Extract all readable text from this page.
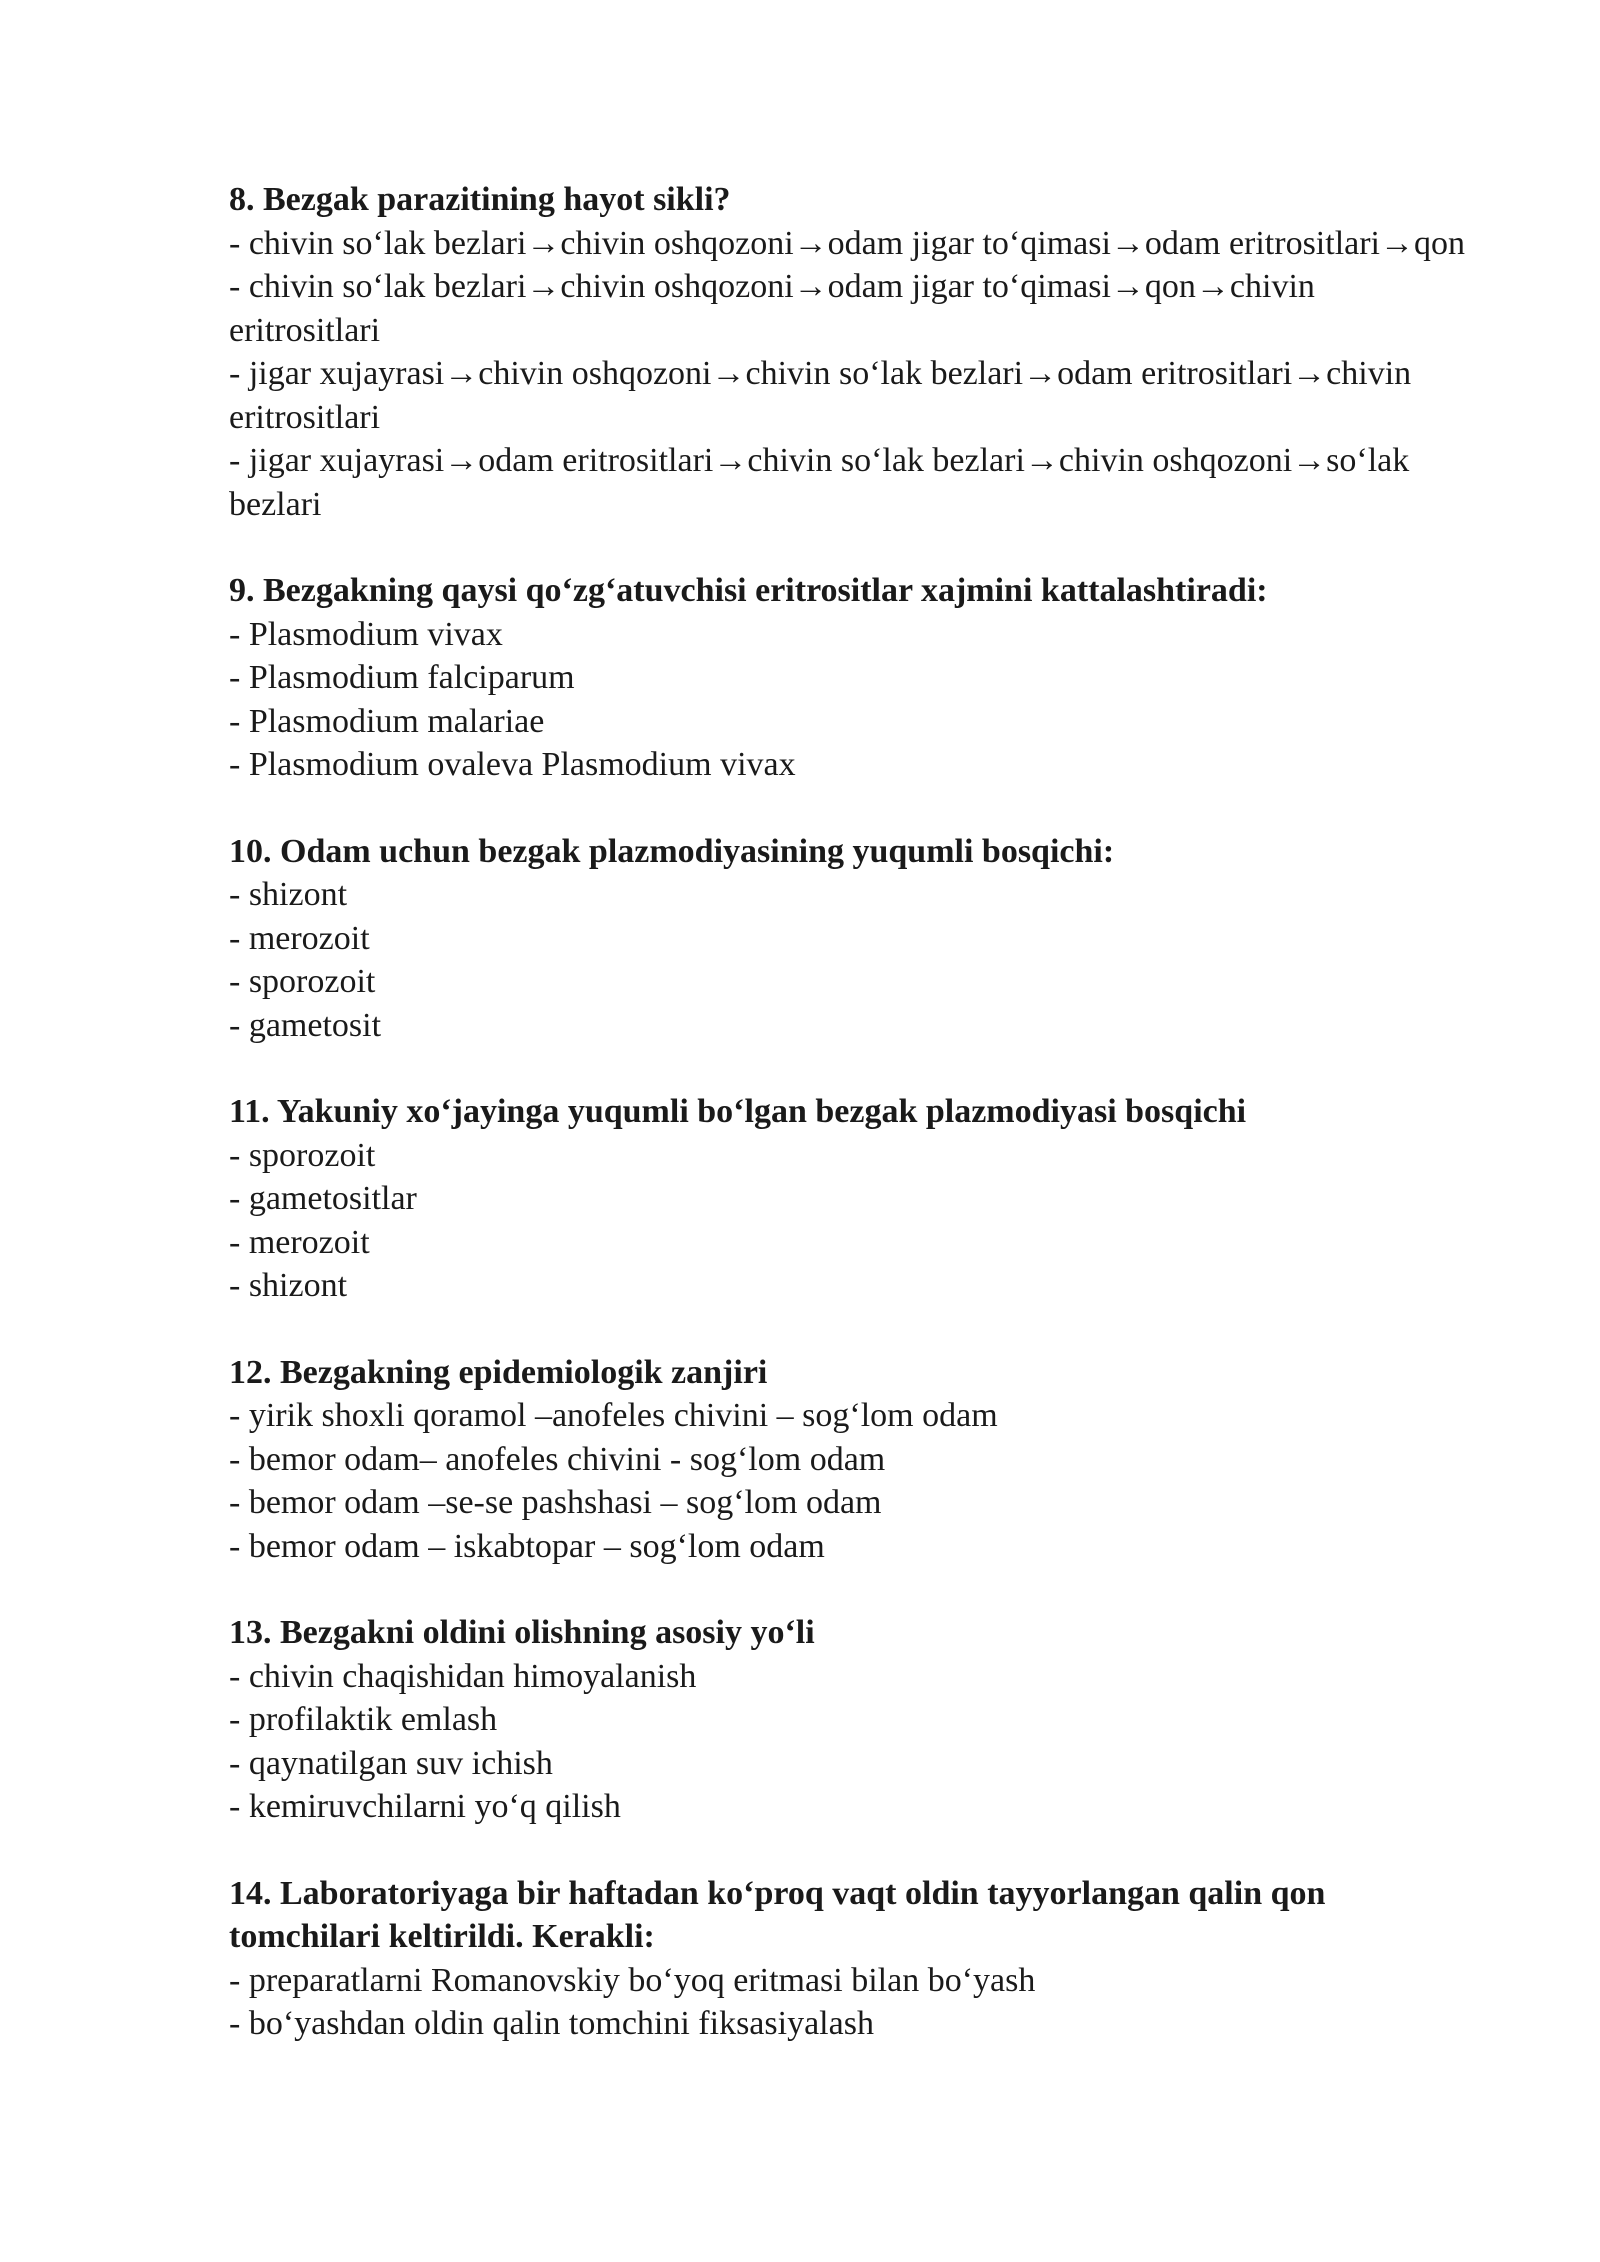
8. Bezgak parazitining hayot sikli?

- chivin so‘lak bezlari→chivin oshqozoni→odam jigar to‘qimasi→odam eritrositlari→qon

- chivin so‘lak bezlari→chivin oshqozoni→odam jigar to‘qimasi→qon→chivin eritrositlari

- jigar xujayrasi→chivin oshqozoni→chivin so‘lak bezlari→odam eritrositlari→chivin eritrositlari

- jigar xujayrasi→odam eritrositlari→chivin so‘lak bezlari→chivin oshqozoni→so‘lak bezlari

9. Bezgakning qaysi qo‘zg‘atuvchisi eritrositlar xajmini kattalashtiradi:

- Plasmodium vivax

- Plasmodium falciparum

- Plasmodium malariae

- Plasmodium ovaleva Plasmodium vivax

10. Odam uchun bezgak plazmodiyasining yuqumli bosqichi:

- shizont

- merozoit

- sporozoit

- gametosit

11. Yakuniy xo‘jayinga yuqumli bo‘lgan bezgak plazmodiyasi bosqichi

- sporozoit

- gametositlar

- merozoit

- shizont

12. Bezgakning epidemiologik zanjiri

- yirik shoxli qoramol –anofeles chivini – sog‘lom odam

- bemor odam– anofeles chivini - sog‘lom odam

- bemor odam –se-se pashshasi – sog‘lom odam

- bemor odam – iskabtopar – sog‘lom odam

13. Bezgakni oldini olishning asosiy yo‘li

- chivin chaqishidan himoyalanish

- profilaktik emlash

- qaynatilgan suv ichish

- kemiruvchilarni yo‘q qilish

14. Laboratoriyaga bir haftadan ko‘proq vaqt oldin tayyorlangan qalin qon tomchilari keltirildi. Kerakli:

- preparatlarni Romanovskiy bo‘yoq eritmasi bilan bo‘yash

- bo‘yashdan oldin qalin tomchini fiksasiyalash
